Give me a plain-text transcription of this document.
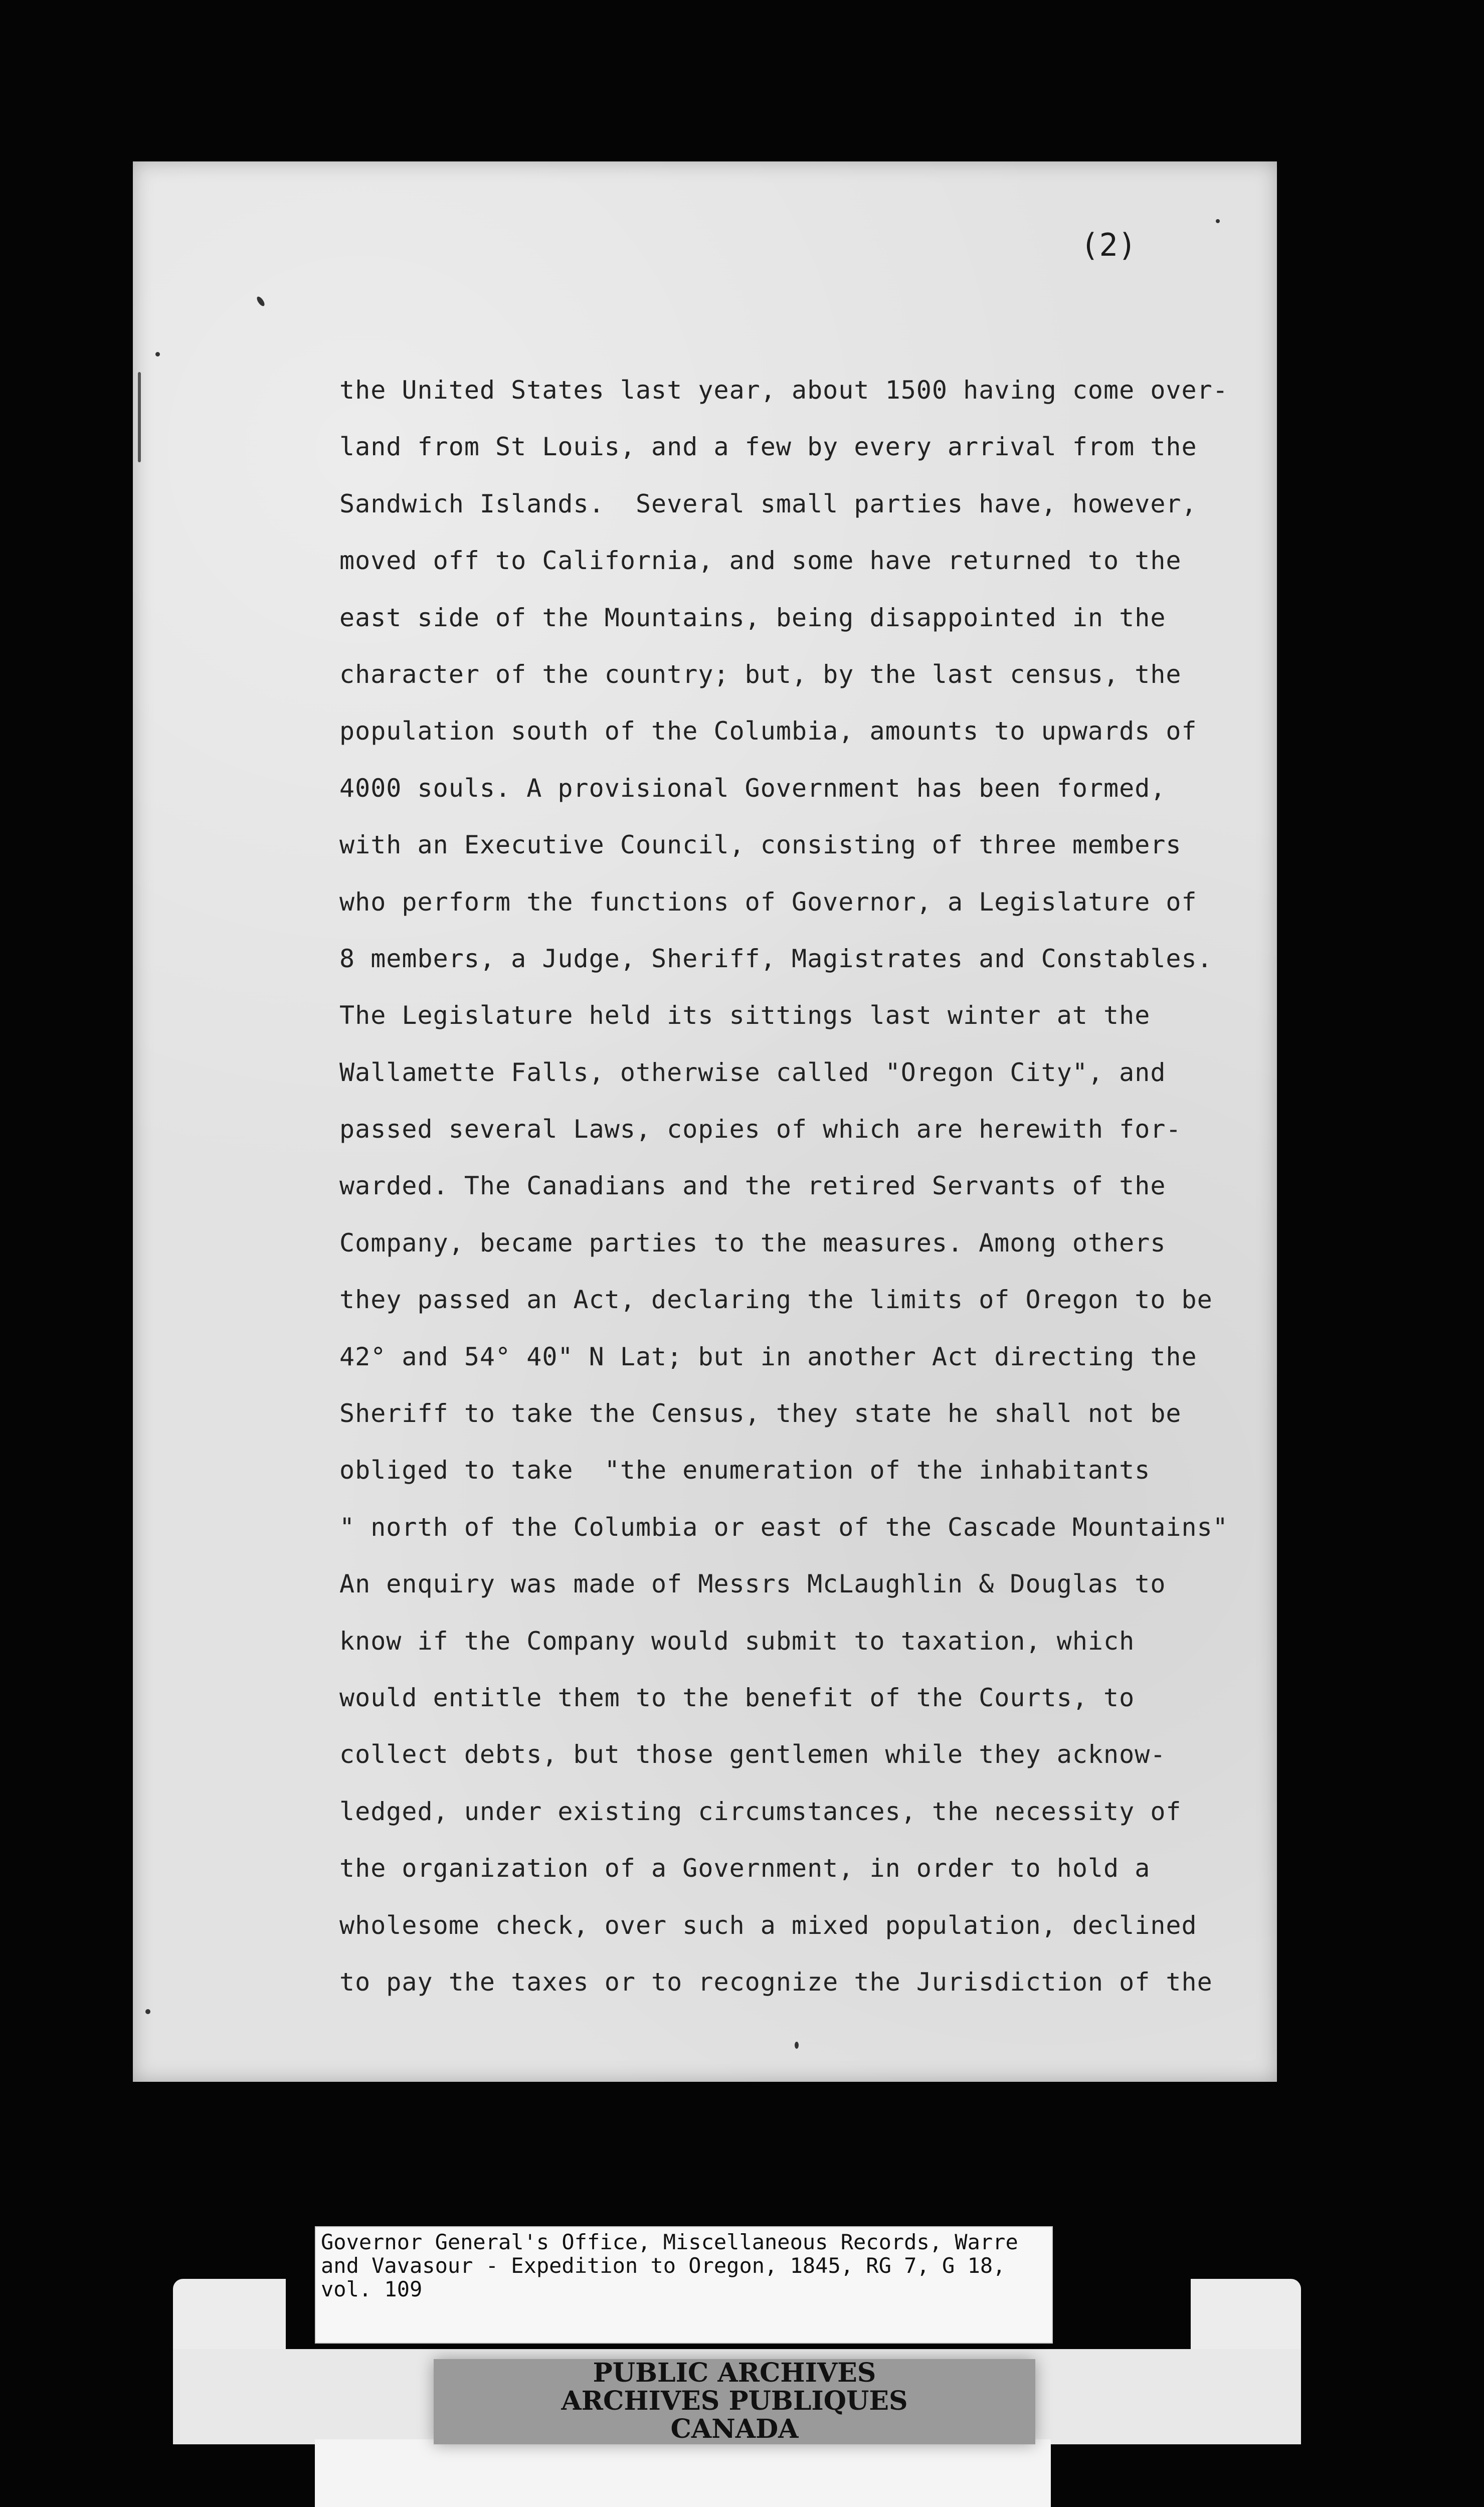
(2)
the United States last year, about 1500 having come over-
land from St Louis, and a few by every arrival from the
Sandwich Islands.  Several small parties have, however,
moved off to California, and some have returned to the
east side of the Mountains, being disappointed in the
character of the country; but, by the last census, the
population south of the Columbia, amounts to upwards of
4000 souls. A provisional Government has been formed,
with an Executive Council, consisting of three members
who perform the functions of Governor, a Legislature of
8 members, a Judge, Sheriff, Magistrates and Constables.
The Legislature held its sittings last winter at the
Wallamette Falls, otherwise called "Oregon City", and
passed several Laws, copies of which are herewith for-
warded. The Canadians and the retired Servants of the
Company, became parties to the measures. Among others
they passed an Act, declaring the limits of Oregon to be
42° and 54° 40" N Lat; but in another Act directing the
Sheriff to take the Census, they state he shall not be
obliged to take  "the enumeration of the inhabitants
" north of the Columbia or east of the Cascade Mountains"
An enquiry was made of Messrs McLaughlin & Douglas to
know if the Company would submit to taxation, which
would entitle them to the benefit of the Courts, to
collect debts, but those gentlemen while they acknow-
ledged, under existing circumstances, the necessity of
the organization of a Government, in order to hold a
wholesome check, over such a mixed population, declined
to pay the taxes or to recognize the Jurisdiction of the
PUBLIC ARCHIVES
ARCHIVES PUBLIQUES
CANADA

Governor General's Office, Miscellaneous Records, Warre and Vavasour - Expedition to Oregon, 1845, RG 7, G 18, vol. 109
